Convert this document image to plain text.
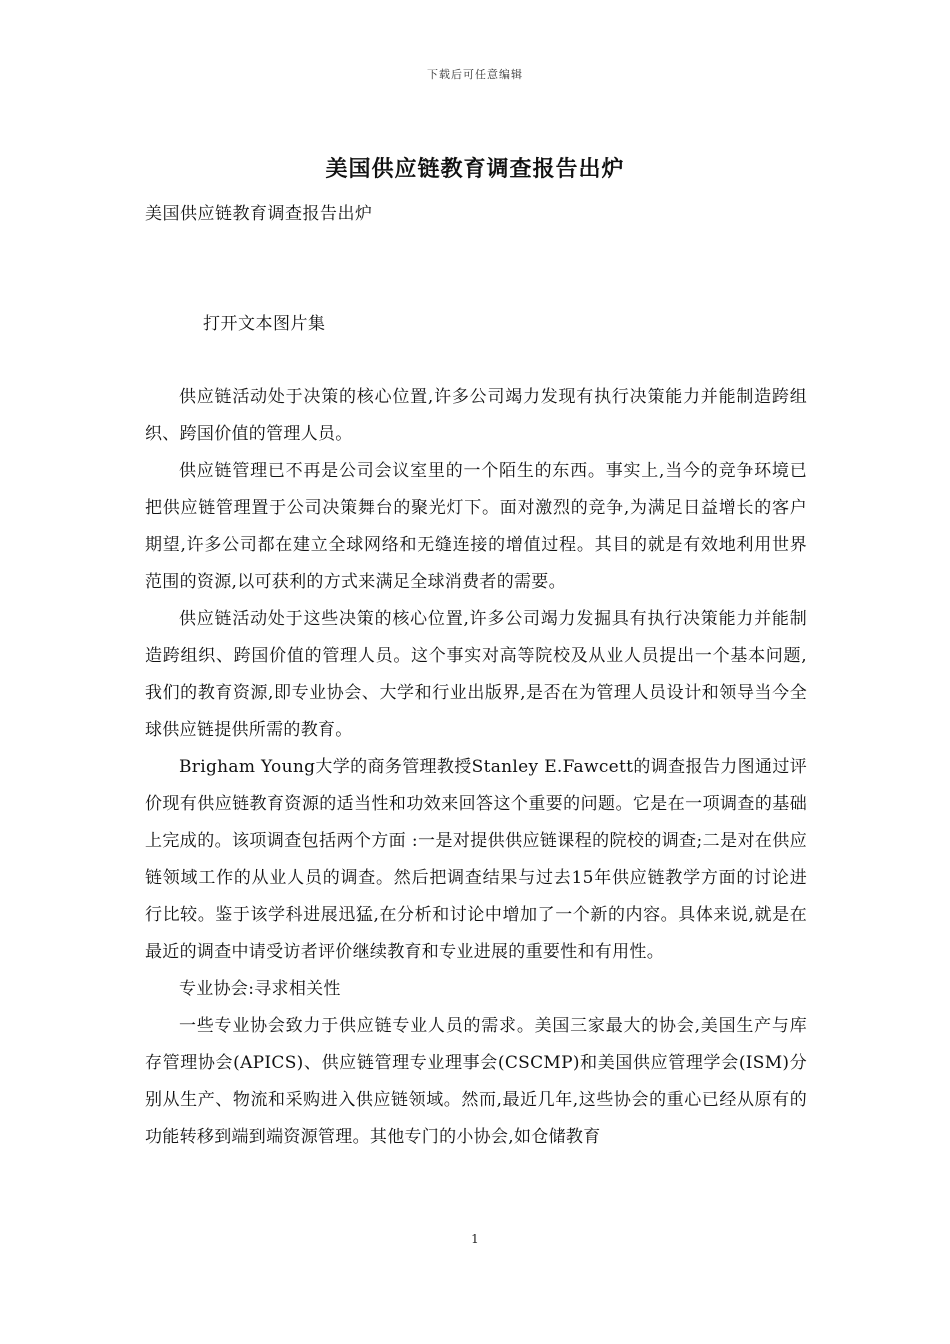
下载后可任意编辑
美国供应链教育调查报告出炉

美国供应链教育调查报告出炉

打开文本图片集

供应链活动处于决策的核心位置,许多公司竭力发现有执行决策能力并能制造跨组织、跨国价值的管理人员。

供应链管理已不再是公司会议室里的一个陌生的东西。事实上,当今的竞争环境已把供应链管理置于公司决策舞台的聚光灯下。面对激烈的竞争,为满足日益增长的客户期望,许多公司都在建立全球网络和无缝连接的增值过程。其目的就是有效地利用世界范围的资源,以可获利的方式来满足全球消费者的需要。

供应链活动处于这些决策的核心位置,许多公司竭力发掘具有执行决策能力并能制造跨组织、跨国价值的管理人员。这个事实对高等院校及从业人员提出一个基本问题,我们的教育资源,即专业协会、大学和行业出版界,是否在为管理人员设计和领导当今全球供应链提供所需的教育。

Brigham Young大学的商务管理教授Stanley E.Fawcett的调查报告力图通过评价现有供应链教育资源的适当性和功效来回答这个重要的问题。它是在一项调查的基础上完成的。该项调查包括两个方面 :一是对提供供应链课程的院校的调查;二是对在供应链领域工作的从业人员的调查。然后把调查结果与过去15年供应链教学方面的讨论进行比较。鉴于该学科进展迅猛,在分析和讨论中增加了一个新的内容。具体来说,就是在最近的调查中请受访者评价继续教育和专业进展的重要性和有用性。

专业协会:寻求相关性

一些专业协会致力于供应链专业人员的需求。美国三家最大的协会,美国生产与库存管理协会(APICS)、供应链管理专业理事会(CSCMP)和美国供应管理学会(ISM)分别从生产、物流和采购进入供应链领域。然而,最近几年,这些协会的重心已经从原有的功能转移到端到端资源管理。其他专门的小协会,如仓储教育

1
